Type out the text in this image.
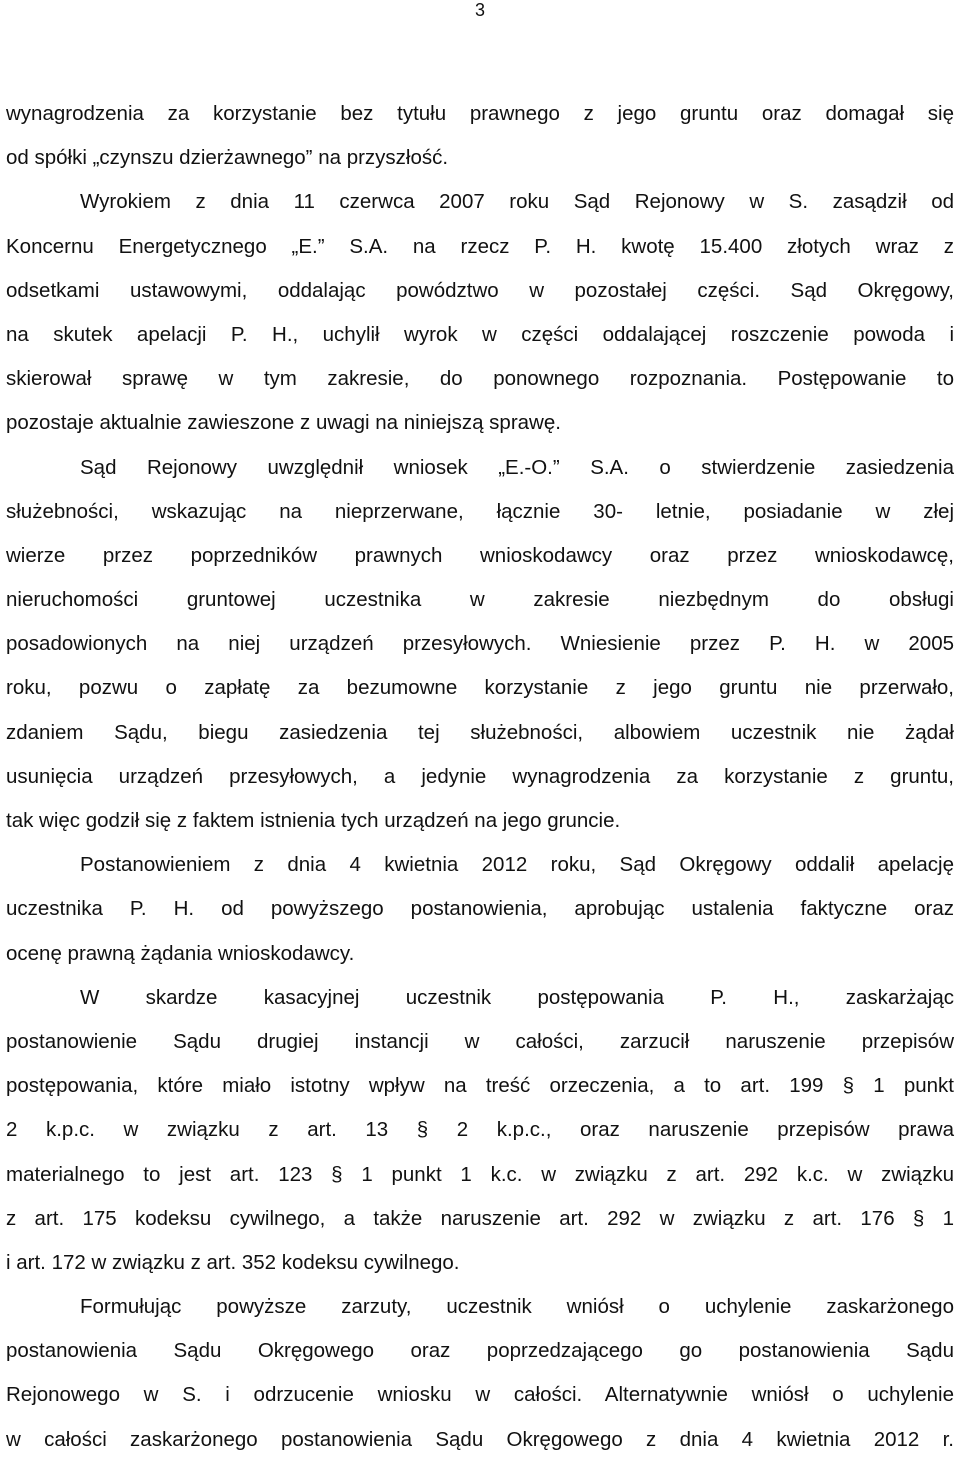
3
wynagrodzenia za korzystanie bez tytułu prawnego z jego gruntu oraz domagał się
od spółki „czynszu dzierżawnego” na przyszłość.
Wyrokiem z dnia 11 czerwca 2007 roku Sąd Rejonowy w S. zasądził od
Koncernu Energetycznego „E.” S.A. na rzecz P. H. kwotę 15.400 złotych wraz z
odsetkami ustawowymi, oddalając powództwo w pozostałej części. Sąd Okręgowy,
na skutek apelacji P. H., uchylił wyrok w części oddalającej roszczenie powoda i
skierował sprawę w tym zakresie, do ponownego rozpoznania. Postępowanie to
pozostaje aktualnie zawieszone z uwagi na niniejszą sprawę.
Sąd Rejonowy uwzględnił wniosek „E.-O.” S.A. o stwierdzenie zasiedzenia
służebności, wskazując na nieprzerwane, łącznie 30- letnie, posiadanie w złej
wierze przez poprzedników prawnych wnioskodawcy oraz przez wnioskodawcę,
nieruchomości gruntowej uczestnika w zakresie niezbędnym do obsługi
posadowionych na niej urządzeń przesyłowych. Wniesienie przez P. H. w 2005
roku, pozwu o zapłatę za bezumowne korzystanie z jego gruntu nie przerwało,
zdaniem Sądu, biegu zasiedzenia tej służebności, albowiem uczestnik nie żądał
usunięcia urządzeń przesyłowych, a jedynie wynagrodzenia za korzystanie z gruntu,
tak więc godził się z faktem istnienia tych urządzeń na jego gruncie.
Postanowieniem z dnia 4 kwietnia 2012 roku, Sąd Okręgowy oddalił apelację
uczestnika P. H. od powyższego postanowienia, aprobując ustalenia faktyczne oraz
ocenę prawną żądania wnioskodawcy.
W skardze kasacyjnej uczestnik postępowania P. H., zaskarżając
postanowienie Sądu drugiej instancji w całości, zarzucił naruszenie przepisów
postępowania, które miało istotny wpływ na treść orzeczenia, a to art. 199 § 1 punkt
2 k.p.c. w związku z art. 13 § 2 k.p.c., oraz naruszenie przepisów prawa
materialnego to jest art. 123 § 1 punkt 1 k.c. w związku z art. 292 k.c. w związku
z art. 175 kodeksu cywilnego, a także naruszenie art. 292 w związku z art. 176 § 1
i art. 172 w związku z art. 352 kodeksu cywilnego.
Formułując powyższe zarzuty, uczestnik wniósł o uchylenie zaskarżonego
postanowienia Sądu Okręgowego oraz poprzedzającego go postanowienia Sądu
Rejonowego w S. i odrzucenie wniosku w całości. Alternatywnie wniósł o uchylenie
w całości zaskarżonego postanowienia Sądu Okręgowego z dnia 4 kwietnia 2012 r.
